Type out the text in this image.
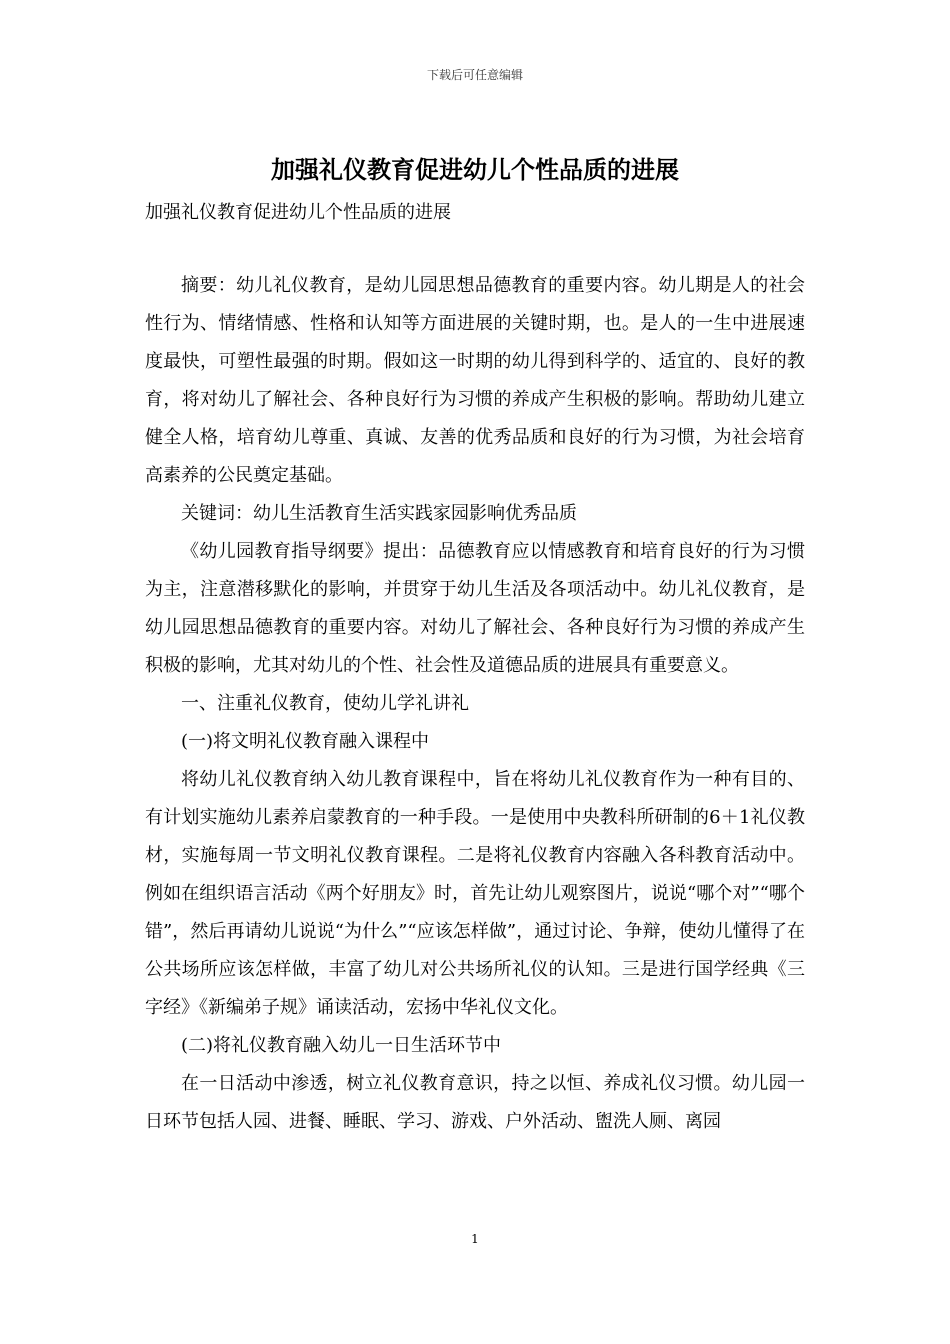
下载后可任意编辑
加强礼仪教育促进幼儿个性品质的进展
加强礼仪教育促进幼儿个性品质的进展

摘要：幼儿礼仪教育，是幼儿园思想品德教育的重要内容。幼儿期是人的社会性行为、情绪情感、性格和认知等方面进展的关键时期，也。是人的一生中进展速度最快，可塑性最强的时期。假如这一时期的幼儿得到科学的、适宜的、良好的教育，将对幼儿了解社会、各种良好行为习惯的养成产生积极的影响。帮助幼儿建立健全人格，培育幼儿尊重、真诚、友善的优秀品质和良好的行为习惯，为社会培育高素养的公民奠定基础。

关键词：幼儿生活教育生活实践家园影响优秀品质

《幼儿园教育指导纲要》提出：品德教育应以情感教育和培育良好的行为习惯为主，注意潜移默化的影响，并贯穿于幼儿生活及各项活动中。幼儿礼仪教育，是幼儿园思想品德教育的重要内容。对幼儿了解社会、各种良好行为习惯的养成产生积极的影响，尤其对幼儿的个性、社会性及道德品质的进展具有重要意义。

一、注重礼仪教育，使幼儿学礼讲礼

(一)将文明礼仪教育融入课程中

将幼儿礼仪教育纳入幼儿教育课程中，旨在将幼儿礼仪教育作为一种有目的、有计划实施幼儿素养启蒙教育的一种手段。一是使用中央教科所研制的6＋1礼仪教材，实施每周一节文明礼仪教育课程。二是将礼仪教育内容融入各科教育活动中。例如在组织语言活动《两个好朋友》时，首先让幼儿观察图片，说说“哪个对”“哪个错”，然后再请幼儿说说“为什么”“应该怎样做”，通过讨论、争辩，使幼儿懂得了在公共场所应该怎样做，丰富了幼儿对公共场所礼仪的认知。三是进行国学经典《三字经》《新编弟子规》诵读活动，宏扬中华礼仪文化。

(二)将礼仪教育融入幼儿一日生活环节中

在一日活动中渗透，树立礼仪教育意识，持之以恒、养成礼仪习惯。幼儿园一日环节包括人园、进餐、睡眠、学习、游戏、户外活动、盥洗人厕、离园

1
